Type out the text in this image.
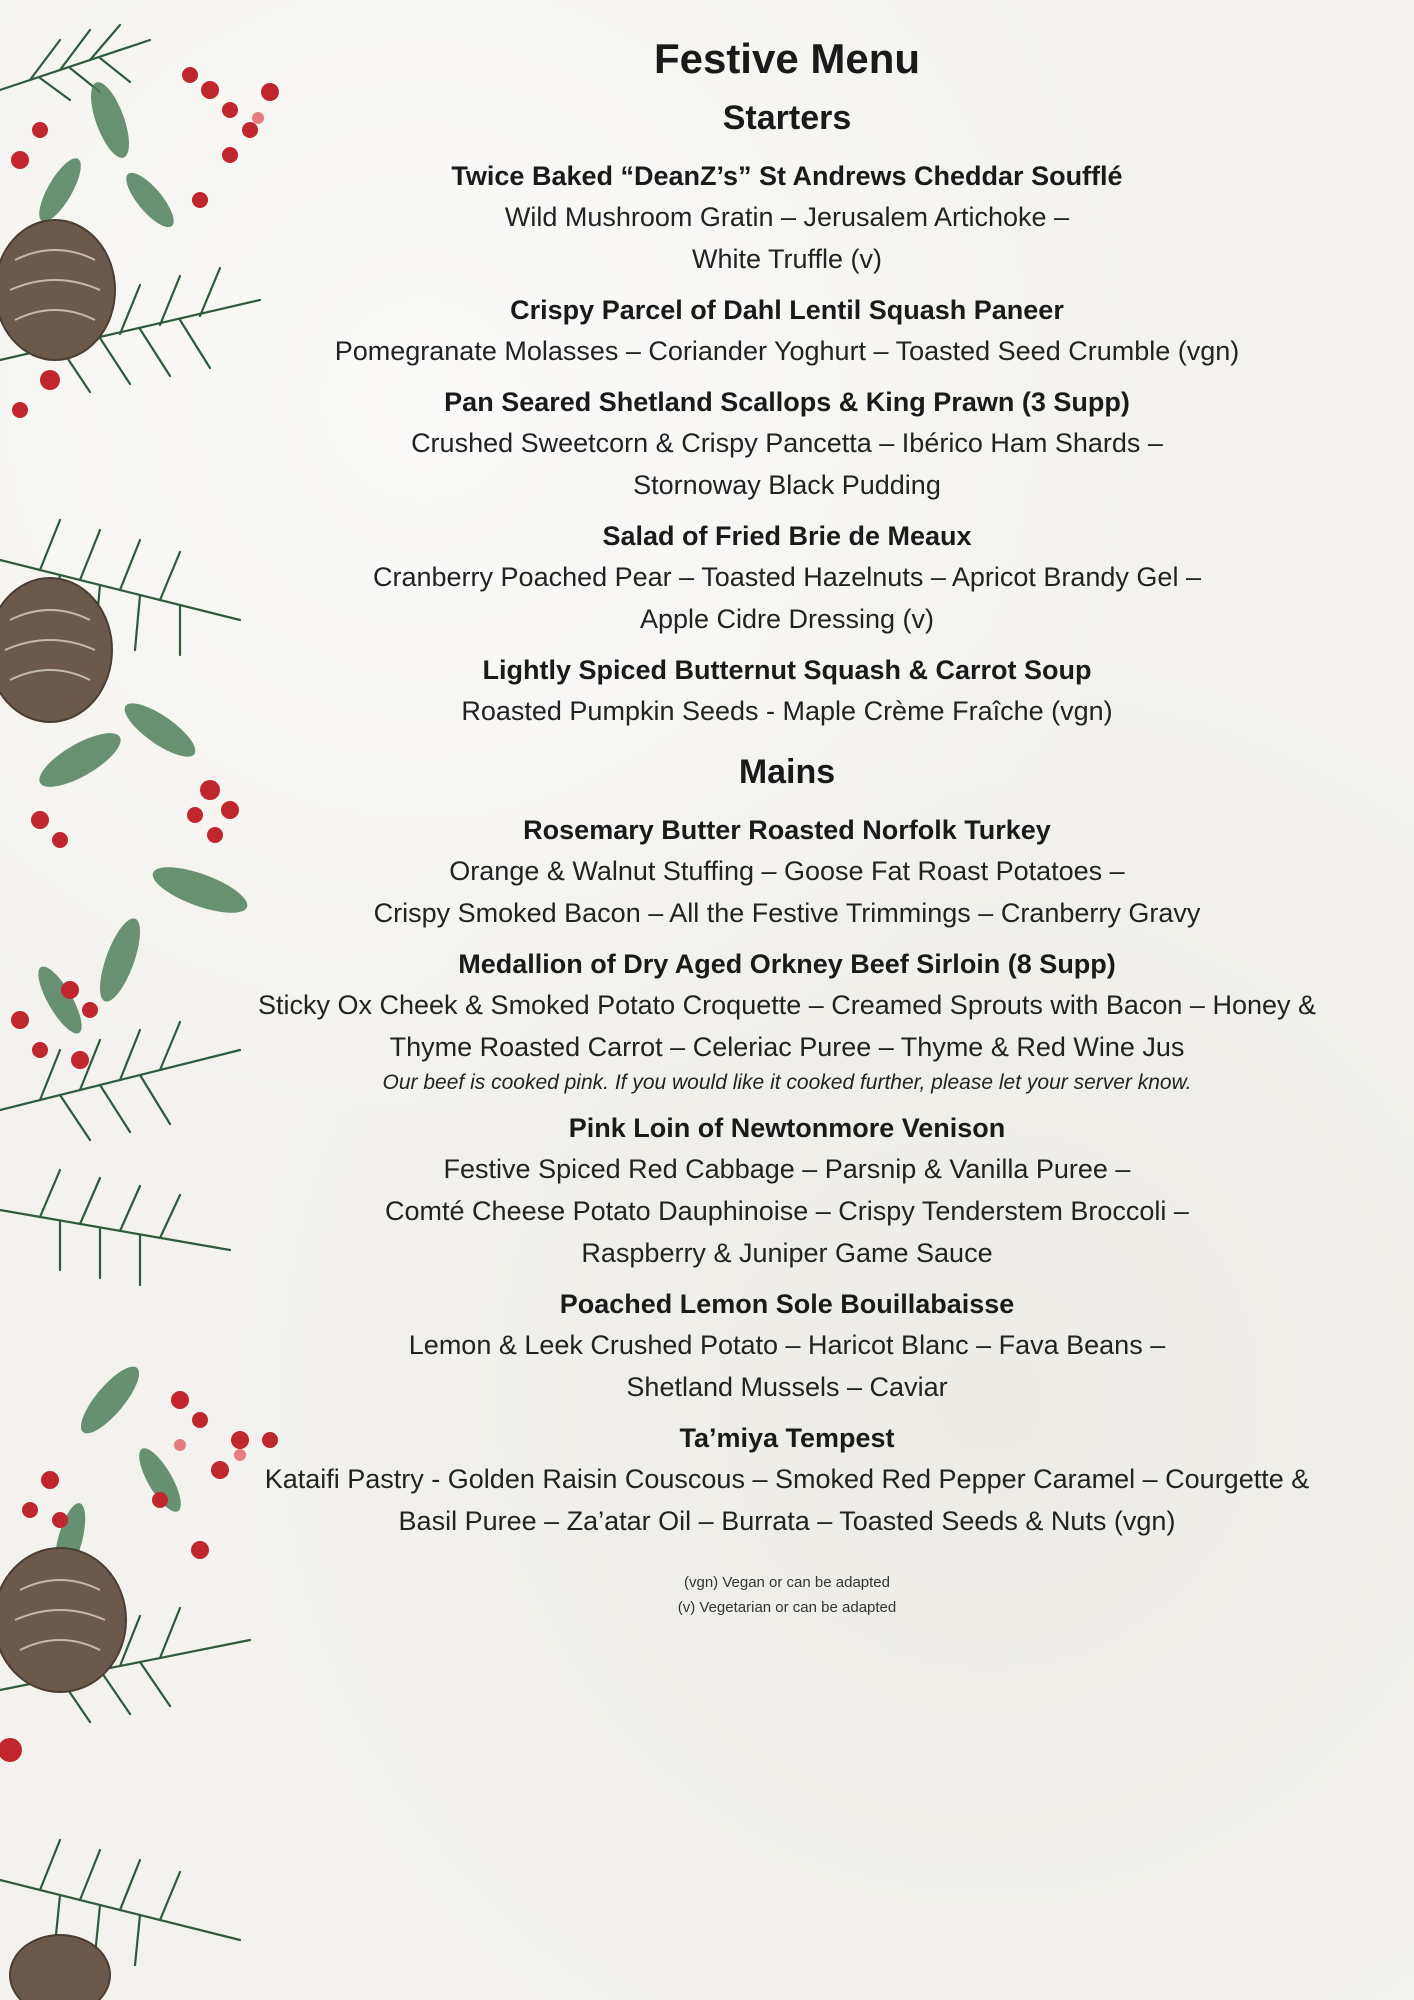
Festive Menu
Starters
Twice Baked “DeanZ’s” St Andrews Cheddar Soufflé
Wild Mushroom Gratin – Jerusalem Artichoke –
White Truffle (v)
Crispy Parcel of Dahl Lentil Squash Paneer
Pomegranate Molasses – Coriander Yoghurt – Toasted Seed Crumble (vgn)
Pan Seared Shetland Scallops & King Prawn (3 Supp)
Crushed Sweetcorn & Crispy Pancetta – Ibérico Ham Shards –
Stornoway Black Pudding
Salad of Fried Brie de Meaux
Cranberry Poached Pear – Toasted Hazelnuts – Apricot Brandy Gel –
Apple Cidre Dressing (v)
Lightly Spiced Butternut Squash & Carrot Soup
Roasted Pumpkin Seeds - Maple Crème Fraîche (vgn)
Mains
Rosemary Butter Roasted Norfolk Turkey
Orange & Walnut Stuffing – Goose Fat Roast Potatoes –
Crispy Smoked Bacon – All the Festive Trimmings – Cranberry Gravy
Medallion of Dry Aged Orkney Beef Sirloin (8 Supp)
Sticky Ox Cheek & Smoked Potato Croquette – Creamed Sprouts with Bacon – Honey &
Thyme Roasted Carrot – Celeriac Puree – Thyme & Red Wine Jus
Our beef is cooked pink. If you would like it cooked further, please let your server know.
Pink Loin of Newtonmore Venison
Festive Spiced Red Cabbage – Parsnip & Vanilla Puree –
Comté Cheese Potato Dauphinoise – Crispy Tenderstem Broccoli –
Raspberry & Juniper Game Sauce
Poached Lemon Sole Bouillabaisse
Lemon & Leek Crushed Potato – Haricot Blanc – Fava Beans –
Shetland Mussels – Caviar
Ta’miya Tempest
Kataifi Pastry - Golden Raisin Couscous – Smoked Red Pepper Caramel – Courgette &
Basil Puree – Za’atar Oil – Burrata – Toasted Seeds & Nuts (vgn)
(vgn) Vegan or can be adapted
(v) Vegetarian or can be adapted
